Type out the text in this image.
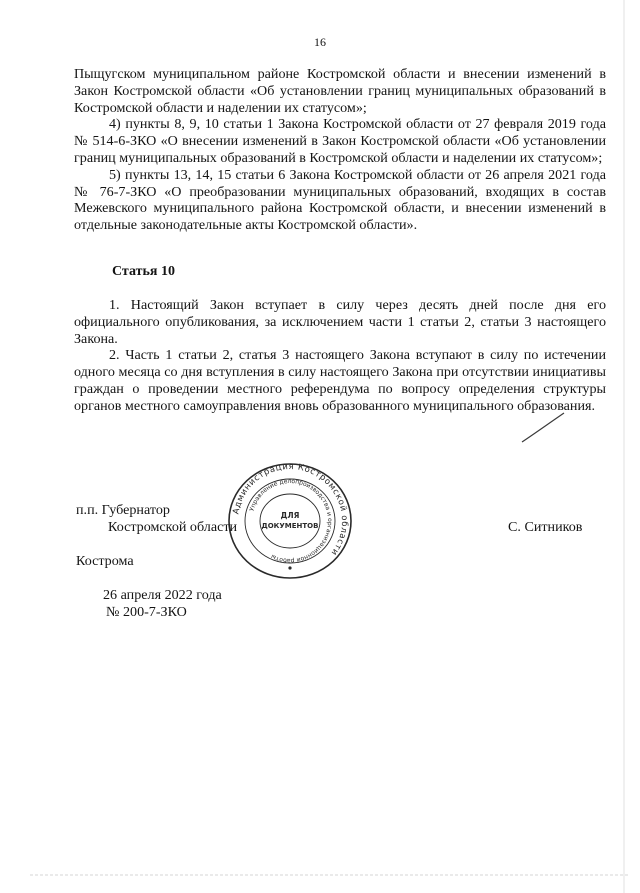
16

Пыщугском муниципальном районе Костромской области и внесении изменений в Закон Костромской области «Об установлении границ муниципальных образований в Костромской области и наделении их статусом»;

4) пункты 8, 9, 10 статьи 1 Закона Костромской области от 27 февраля 2019 года № 514-6-ЗКО «О внесении изменений в Закон Костромской области «Об установлении границ муниципальных образований в Костромской области и наделении их статусом»;

5) пункты 13, 14, 15 статьи 6 Закона Костромской области от 26 апреля 2021 года № 76-7-ЗКО «О преобразовании муниципальных образований, входящих в состав Межевского муниципального района Костромской области, и внесении изменений в отдельные законодательные акты Костромской области».

Статья 10

1. Настоящий Закон вступает в силу через десять дней после дня его официального опубликования, за исключением части 1 статьи 2, статьи 3 настоящего Закона.

2. Часть 1 статьи 2, статья 3 настоящего Закона вступают в силу по истечении одного месяца со дня вступления в силу настоящего Закона при отсутствии инициативы граждан о проведении местного референдума по вопросу определения структуры органов местного самоуправления вновь образованного муниципального образования.

Администрация Костромской области
Управление делопроизводства и организационной работы
ДЛЯ
ДОКУМЕНТОВ

п.п. Губернатор

Костромской области	С. Ситников

Кострома

26 апреля 2022 года

№ 200-7-ЗКО
